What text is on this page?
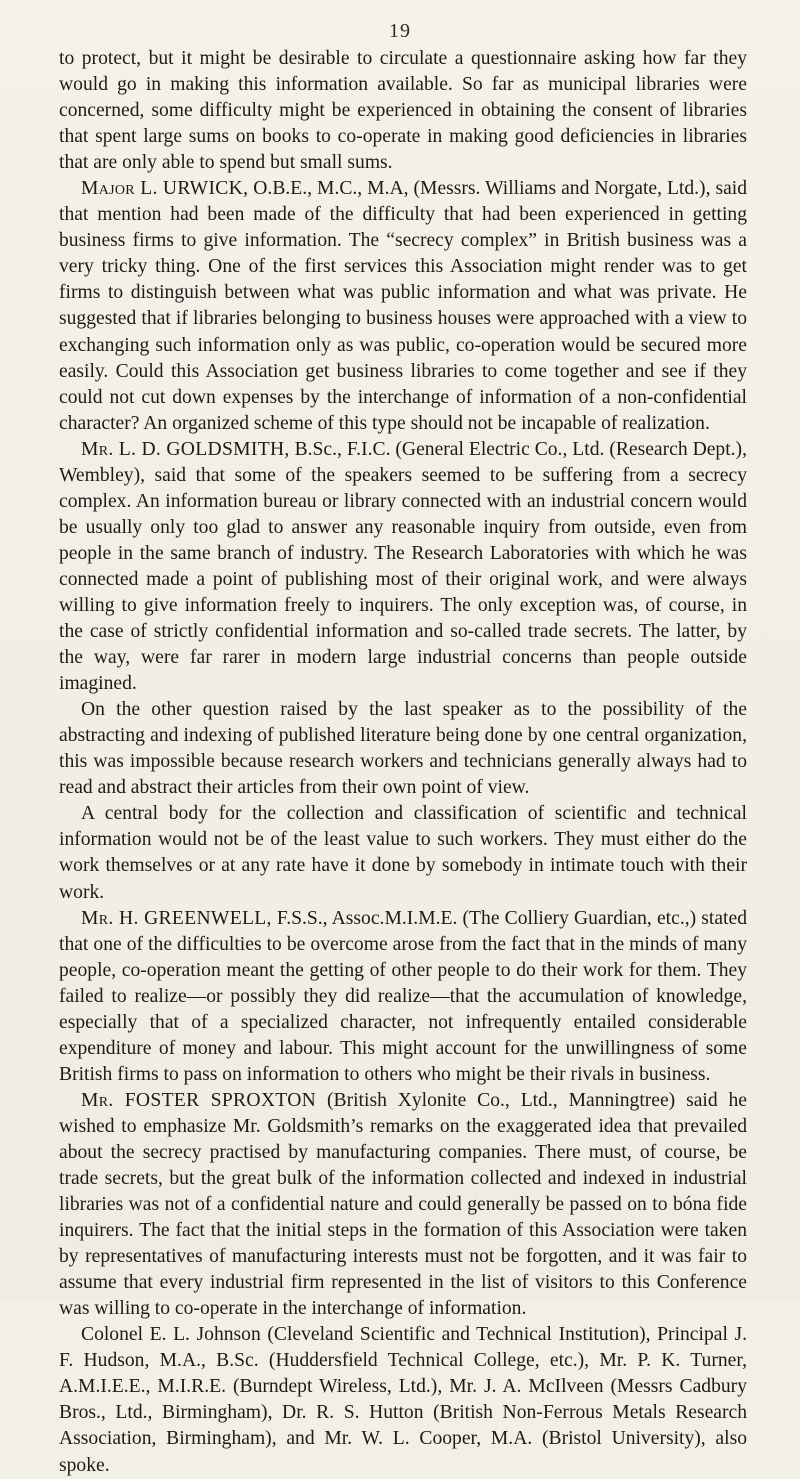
19

to protect, but it might be desirable to circulate a questionnaire asking how far they would go in making this information available. So far as municipal libraries were concerned, some difficulty might be experienced in obtaining the consent of libraries that spent large sums on books to co-operate in making good deficiencies in libraries that are only able to spend but small sums.

Major L. URWICK, O.B.E., M.C., M.A, (Messrs. Williams and Norgate, Ltd.), said that mention had been made of the difficulty that had been experienced in getting business firms to give information. The “secrecy complex” in British business was a very tricky thing. One of the first services this Association might render was to get firms to distinguish between what was public information and what was private. He suggested that if libraries belonging to business houses were approached with a view to exchanging such information only as was public, co-operation would be secured more easily. Could this Association get business libraries to come together and see if they could not cut down expenses by the interchange of information of a non-confidential character? An organized scheme of this type should not be incapable of realization.

Mr. L. D. GOLDSMITH, B.Sc., F.I.C. (General Electric Co., Ltd. (Research Dept.), Wembley), said that some of the speakers seemed to be suffering from a secrecy complex. An information bureau or library connected with an industrial concern would be usually only too glad to answer any reasonable inquiry from outside, even from people in the same branch of industry. The Research Laboratories with which he was connected made a point of publishing most of their original work, and were always willing to give information freely to inquirers. The only exception was, of course, in the case of strictly confidential information and so-called trade secrets. The latter, by the way, were far rarer in modern large industrial concerns than people outside imagined.

On the other question raised by the last speaker as to the possibility of the abstracting and indexing of published literature being done by one central organization, this was impossible because research workers and technicians generally always had to read and abstract their articles from their own point of view.

A central body for the collection and classification of scientific and technical information would not be of the least value to such workers. They must either do the work themselves or at any rate have it done by somebody in intimate touch with their work.

Mr. H. GREENWELL, F.S.S., Assoc.M.I.M.E. (The Colliery Guardian, etc.,) stated that one of the difficulties to be overcome arose from the fact that in the minds of many people, co-operation meant the getting of other people to do their work for them. They failed to realize—or possibly they did realize—that the accumulation of knowledge, especially that of a specialized character, not infrequently entailed considerable expenditure of money and labour. This might account for the unwillingness of some British firms to pass on information to others who might be their rivals in business.

Mr. FOSTER SPROXTON (British Xylonite Co., Ltd., Manningtree) said he wished to emphasize Mr. Goldsmith’s remarks on the exaggerated idea that prevailed about the secrecy practised by manufacturing companies. There must, of course, be trade secrets, but the great bulk of the information collected and indexed in industrial libraries was not of a confidential nature and could generally be passed on to bóna fide inquirers. The fact that the initial steps in the formation of this Association were taken by representatives of manufacturing interests must not be forgotten, and it was fair to assume that every industrial firm represented in the list of visitors to this Conference was willing to co-operate in the interchange of information.

Colonel E. L. Johnson (Cleveland Scientific and Technical Institution), Principal J. F. Hudson, M.A., B.Sc. (Huddersfield Technical College, etc.), Mr. P. K. Turner, A.M.I.E.E., M.I.R.E. (Burndept Wireless, Ltd.), Mr. J. A. McIlveen (Messrs Cadbury Bros., Ltd., Birmingham), Dr. R. S. Hutton (British Non-Ferrous Metals Research Association, Birmingham), and Mr. W. L. Cooper, M.A. (Bristol University), also spoke.
